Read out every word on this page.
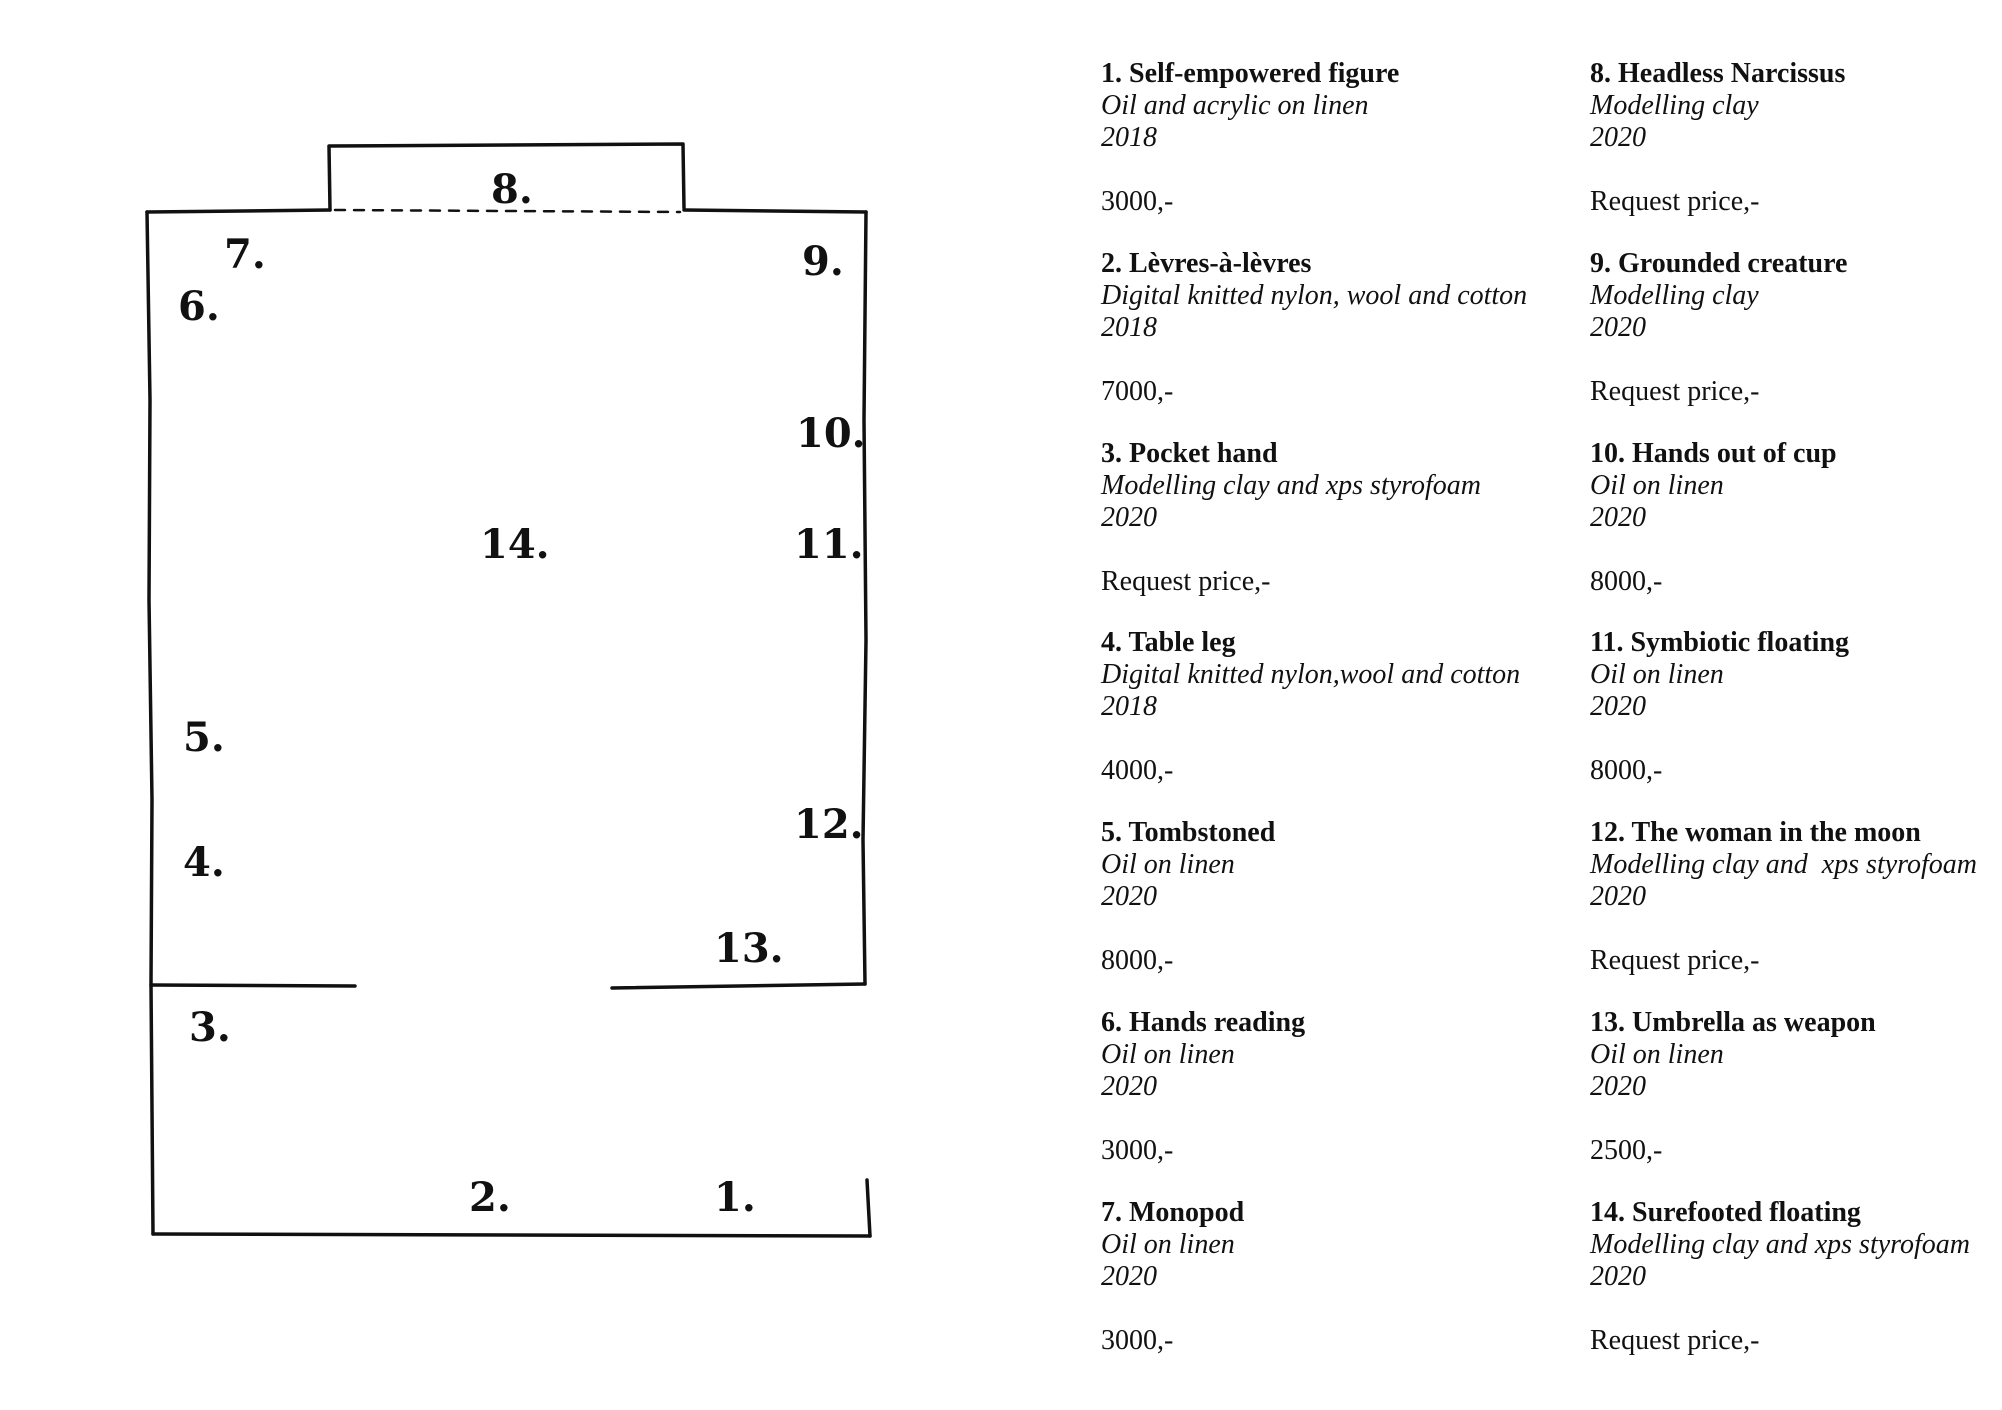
1.
2.
3.
4.
5.
6.
7.
8.
9.
10.
11.
12.
13.
14.
1. Self-empowered figure
Oil and acrylic on linen
2018
3000,-
2. Lèvres-à-lèvres
Digital knitted nylon, wool and cotton
2018
7000,-
3. Pocket hand
Modelling clay and xps styrofoam
2020
Request price,-
4. Table leg
Digital knitted nylon,wool and cotton
2018
4000,-
5. Tombstoned
Oil on linen
2020
8000,-
6. Hands reading
Oil on linen
2020
3000,-
7. Monopod
Oil on linen
2020
3000,-
8. Headless Narcissus
Modelling clay
2020
Request price,-
9. Grounded creature
Modelling clay
2020
Request price,-
10. Hands out of cup
Oil on linen
2020
8000,-
11. Symbiotic floating
Oil on linen
2020
8000,-
12. The woman in the moon
Modelling clay and  xps styrofoam
2020
Request price,-
13. Umbrella as weapon
Oil on linen
2020
2500,-
14. Surefooted floating
Modelling clay and xps styrofoam
2020
Request price,-
